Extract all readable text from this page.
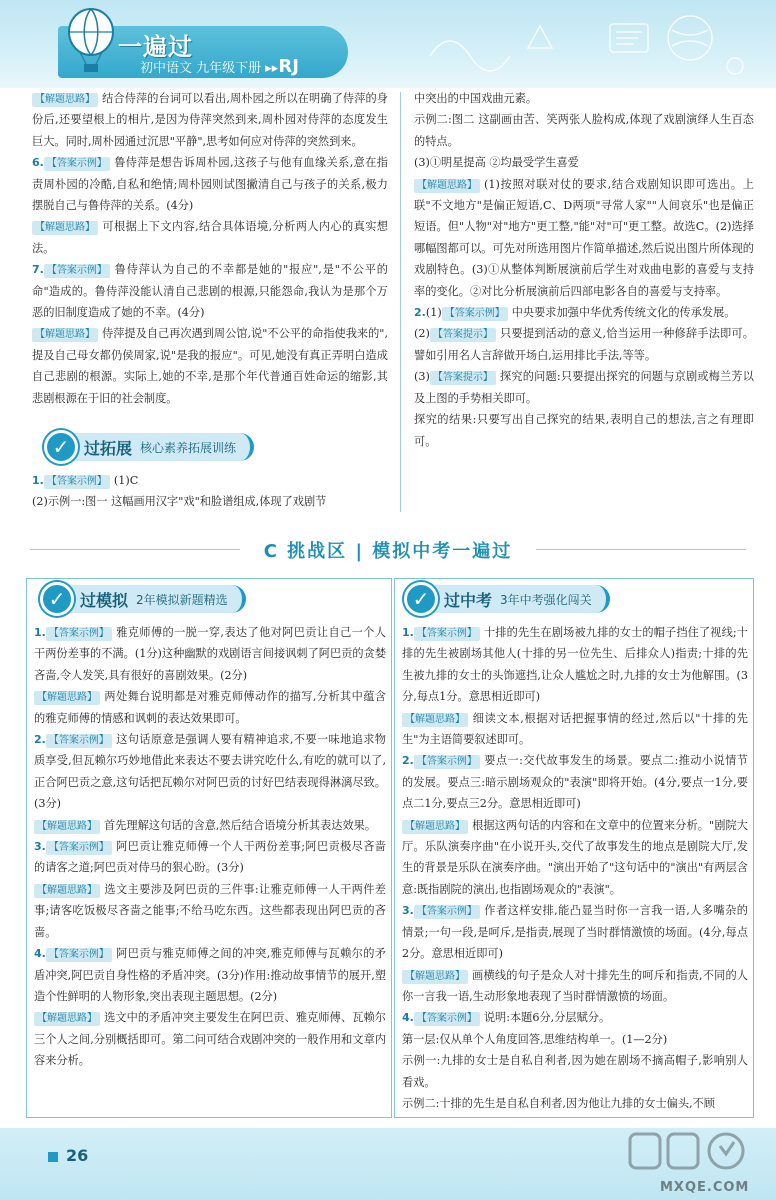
一遍过
初中语文 九年级下册 ▸▸RJ

【解题思路】 结合侍萍的台词可以看出,周朴园之所以在明确了侍萍的身份后,还要望根上的相片,是因为侍萍突然到来,周朴园对侍萍的态度发生巨大。同时,周朴园通过沉思"平静",思考如何应对侍萍的突然到来。

6. 【答案示例】 鲁侍萍是想告诉周朴园,这孩子与他有血缘关系,意在指责周朴园的冷酷,自私和绝情;周朴园则试图撇清自己与孩子的关系,极力摆脱自己与鲁侍萍的关系。(4分)

【解题思路】 可根据上下文内容,结合具体语境,分析两人内心的真实想法。

7. 【答案示例】 鲁侍萍认为自己的不幸都是她的"报应",是"不公平的命"造成的。鲁侍萍没能认清自己悲剧的根源,只能怨命,我认为是那个万恶的旧制度造成了她的不幸。(4分)

【解题思路】 侍萍提及自己再次遇到周公馆,说"不公平的命指使我来的",提及自己母女都仍侯周家,说"是我的报应"。可见,她没有真正弄明白造成自己悲剧的根源。实际上,她的不幸,是那个年代普通百姓命运的缩影,其悲剧根源在于旧的社会制度。

✓ 过拓展 核心素养拓展训练

1. 【答案示例】 (1)C

(2)示例一:图一 这幅画用汉字"戏"和脸谱组成,体现了戏剧节

中突出的中国戏曲元素。

示例二:图二 这副画由苦、笑两张人脸构成,体现了戏剧演绎人生百态的特点。

(3)①明星提高 ②均最受学生喜爱

【解题思路】 (1)按照对联对仗的要求,结合戏剧知识即可选出。上联"不文地方"是偏正短语,C、D两项"寻常人家""人间哀乐"也是偏正短语。但"人物"对"地方"更工整,"能"对"可"更工整。故选C。(2)选择哪幅图都可以。可先对所选用图片作简单描述,然后说出图片所体现的戏剧特色。(3)①从整体判断展演前后学生对戏曲电影的喜爱与支持率的变化。②对比分析展演前后四部电影各自的喜爱与支持率。

2.(1) 【答案示例】 中央要求加强中华优秀传统文化的传承发展。

(2) 【答案提示】 只要提到活动的意义,恰当运用一种修辞手法即可。譬如引用名人言辞做开场白,运用排比手法,等等。

(3) 【答案提示】 探究的问题:只要提出探究的问题与京剧或梅兰芳以及上图的手势相关即可。

探究的结果:只要写出自己探究的结果,表明自己的想法,言之有理即可。

C 挑战区 | 模拟中考一遍过
✓ 过模拟 2年模拟新题精选

1. 【答案示例】 雅克师傅的一脱一穿,表达了他对阿巴贡让自己一个人干两份差事的不满。(1分)这种幽默的戏剧语言间接讽刺了阿巴贡的贪婪吝啬,令人发笑,具有很好的喜剧效果。(2分)

【解题思路】 两处舞台说明都是对雅克师傅动作的描写,分析其中蕴含的雅克师傅的情感和讽刺的表达效果即可。

2. 【答案示例】 这句话原意是强调人要有精神追求,不要一味地追求物质享受,但瓦赖尔巧妙地借此来表达不要去讲究吃什么,有吃的就可以了,正合阿巴贡之意,这句话把瓦赖尔对阿巴贡的讨好巴结表现得淋漓尽致。(3分)

【解题思路】 首先理解这句话的含意,然后结合语境分析其表达效果。

3. 【答案示例】 阿巴贡让雅克师傅一个人干两份差事;阿巴贡极尽吝啬的请客之道;阿巴贡对侍马的狠心盼。(3分)

【解题思路】 选文主要涉及阿巴贡的三件事:让雅克师傅一人干两件差事;请客吃饭极尽吝啬之能事;不给马吃东西。这些都表现出阿巴贡的吝啬。

4. 【答案示例】 阿巴贡与雅克师傅之间的冲突,雅克师傅与瓦赖尔的矛盾冲突,阿巴贡自身性格的矛盾冲突。(3分)作用:推动故事情节的展开,塑造个性鲜明的人物形象,突出表现主题思想。(2分)

【解题思路】 选文中的矛盾冲突主要发生在阿巴贡、雅克师傅、瓦赖尔三个人之间,分别概括即可。第二问可结合戏剧冲突的一般作用和文章内容来分析。

✓ 过中考 3年中考强化闯关

1. 【答案示例】 十排的先生在剧场被九排的女士的帽子挡住了视线;十排的先生被剧场其他人(十排的另一位先生、后排众人)指责;十排的先生被九排的女士的头饰遮挡,让众人尴尬之时,九排的女士为他解围。(3分,每点1分。意思相近即可)

【解题思路】 细读文本,根据对话把握事情的经过,然后以"十排的先生"为主语简要叙述即可。

2. 【答案示例】 要点一:交代故事发生的场景。要点二:推动小说情节的发展。要点三:暗示剧场观众的"表演"即将开始。(4分,要点一1分,要点二1分,要点三2分。意思相近即可)

【解题思路】 根据这两句话的内容和在文章中的位置来分析。"剧院大厅。乐队演奏序曲"在小说开头,交代了故事发生的地点是剧院大厅,发生的背景是乐队在演奏序曲。"演出开始了"这句话中的"演出"有两层含意:既指剧院的演出,也指剧场观众的"表演"。

3. 【答案示例】 作者这样安排,能凸显当时你一言我一语,人多嘴杂的情景;一句一段,是呵斥,是指责,展现了当时群情激愤的场面。(4分,每点2分。意思相近即可)

【解题思路】 画横线的句子是众人对十排先生的呵斥和指责,不同的人你一言我一语,生动形象地表现了当时群情激愤的场面。

4. 【答案示例】 说明:本题6分,分层赋分。

第一层:仅从单个人角度回答,思维结构单一。(1—2分)

示例一:九排的女士是自私自利者,因为她在剧场不摘高帽子,影响别人看戏。

示例二:十排的先生是自私自利者,因为他让九排的女士偏头,不顾

26
MXQE.COM
